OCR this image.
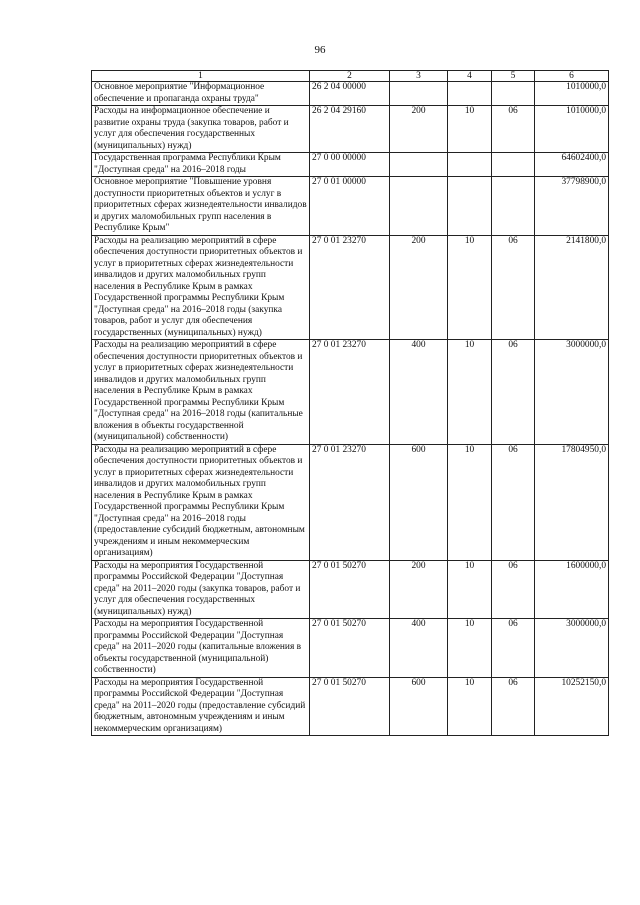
96
1	2	3	4	5	6
Основное мероприятие "Информационное обеспечение и пропаганда охраны труда"	26 2 04 00000				1010000,0
Расходы на информационное обеспечение и развитие охраны труда (закупка товаров, работ и услуг для обеспечения государственных (муниципальных) нужд)	26 2 04 29160	200	10	06	1010000,0
Государственная программа Республики Крым "Доступная среда" на 2016–2018 годы	27 0 00 00000				64602400,0
Основное мероприятие "Повышение уровня доступности приоритетных объектов и услуг в приоритетных сферах жизнедеятельности инвалидов и других маломобильных групп населения в Республике Крым"	27 0 01 00000				37798900,0
Расходы на реализацию мероприятий в сфере обеспечения доступности приоритетных объектов и услуг в приоритетных сферах жизнедеятельности инвалидов и других маломобильных групп населения в Республике Крым в рамках Государственной программы Республики Крым "Доступная среда" на 2016–2018 годы (закупка товаров, работ и услуг для обеспечения государственных (муниципальных) нужд)	27 0 01 23270	200	10	06	2141800,0
Расходы на реализацию мероприятий в сфере обеспечения доступности приоритетных объектов и услуг в приоритетных сферах жизнедеятельности инвалидов и других маломобильных групп населения в Республике Крым в рамках Государственной программы Республики Крым "Доступная среда" на 2016–2018 годы (капитальные вложения в объекты государственной (муниципальной) собственности)	27 0 01 23270	400	10	06	3000000,0
Расходы на реализацию мероприятий в сфере обеспечения доступности приоритетных объектов и услуг в приоритетных сферах жизнедеятельности инвалидов и других маломобильных групп населения в Республике Крым в рамках Государственной программы Республики Крым "Доступная среда" на 2016–2018 годы (предоставление субсидий бюджетным, автономным учреждениям и иным некоммерческим организациям)	27 0 01 23270	600	10	06	17804950,0
Расходы на мероприятия Государственной программы Российской Федерации "Доступная среда" на 2011–2020 годы (закупка товаров, работ и услуг для обеспечения государственных (муниципальных) нужд)	27 0 01 50270	200	10	06	1600000,0
Расходы на мероприятия Государственной программы Российской Федерации "Доступная среда" на 2011–2020 годы (капитальные вложения в объекты государственной (муниципальной) собственности)	27 0 01 50270	400	10	06	3000000,0
Расходы на мероприятия Государственной программы Российской Федерации "Доступная среда" на 2011–2020 годы (предоставление субсидий бюджетным, автономным учреждениям и иным некоммерческим организациям)	27 0 01 50270	600	10	06	10252150,0
